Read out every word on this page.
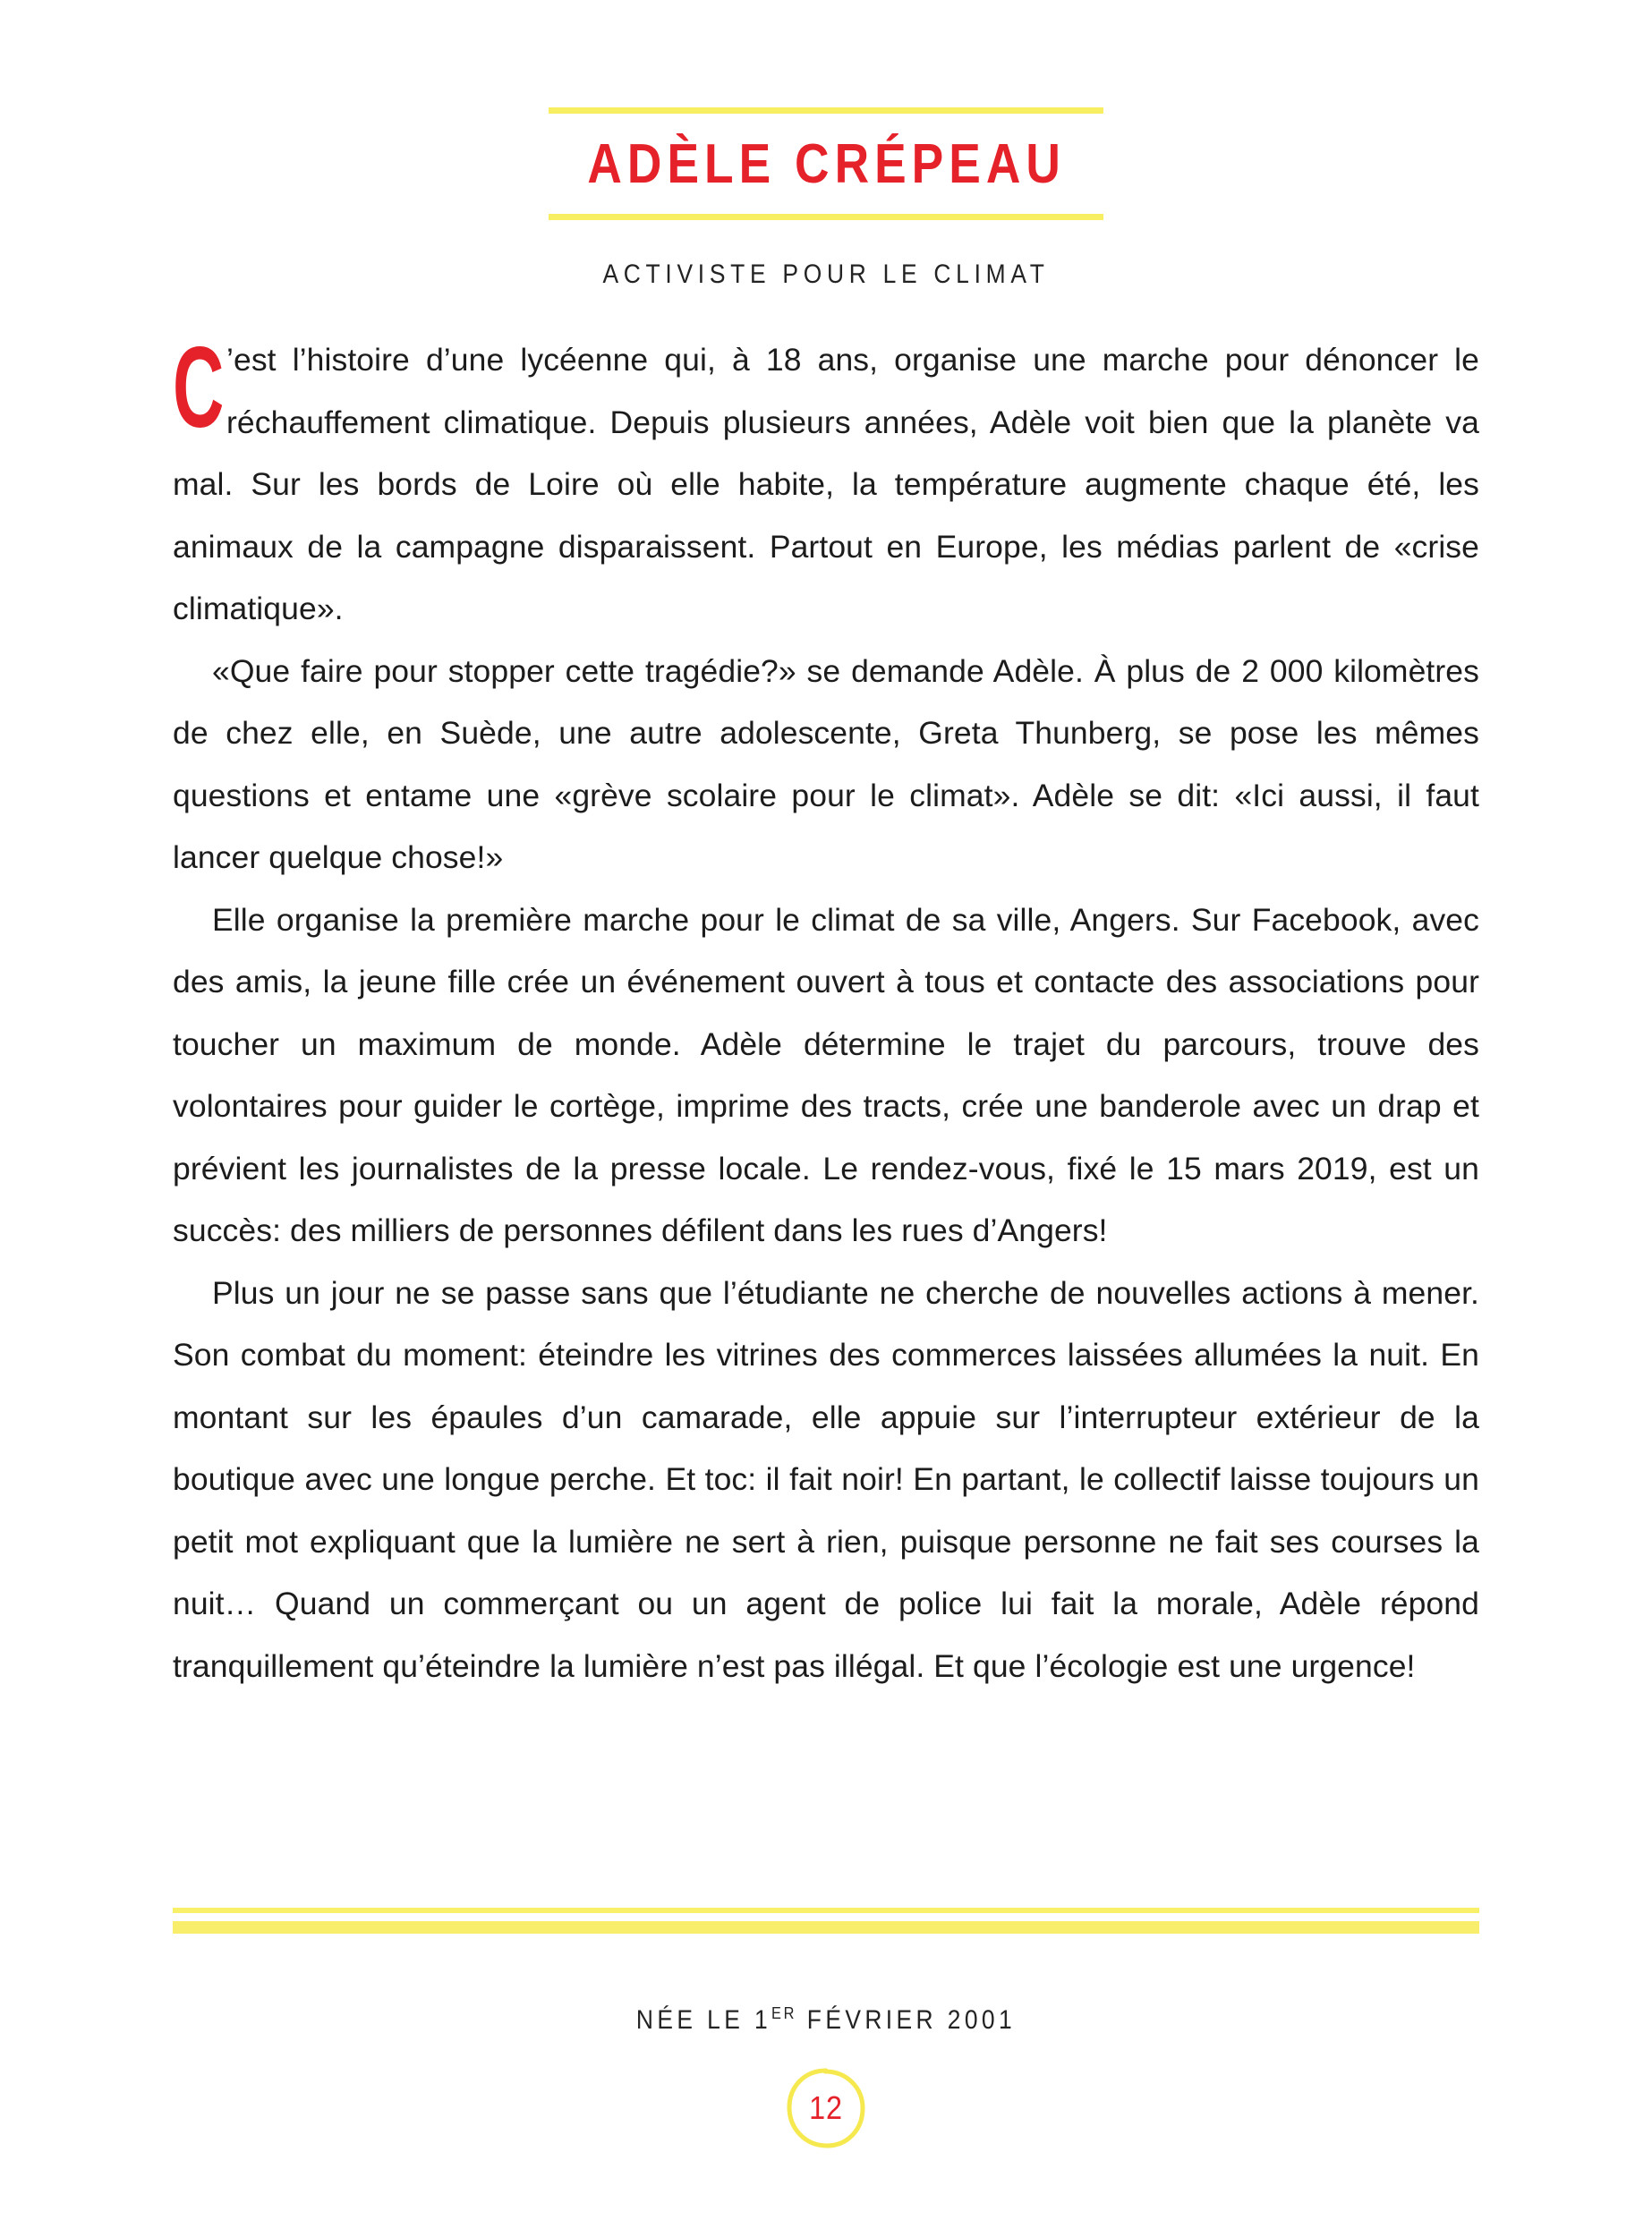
ADÈLE CRÉPEAU
ACTIVISTE POUR LE CLIMAT

C ’est l’histoire d’une lycéenne qui, à 18 ans, organise une marche pour dénoncer le réchauffement climatique. Depuis plusieurs années, Adèle voit bien que la planète va mal. Sur les bords de Loire où elle habite, la température augmente chaque été, les animaux de la campagne disparaissent. Partout en Europe, les médias parlent de «crise climatique».

«Que faire pour stopper cette tragédie?» se demande Adèle. À plus de 2 000 kilomètres de chez elle, en Suède, une autre adolescente, Greta Thunberg, se pose les mêmes questions et entame une «grève scolaire pour le climat». Adèle se dit: «Ici aussi, il faut lancer quelque chose!»

Elle organise la première marche pour le climat de sa ville, Angers. Sur Facebook, avec des amis, la jeune fille crée un événement ouvert à tous et contacte des associations pour toucher un maximum de monde. Adèle détermine le trajet du parcours, trouve des volontaires pour guider le cortège, imprime des tracts, crée une banderole avec un drap et prévient les journalistes de la presse locale. Le rendez-vous, fixé le 15 mars 2019, est un succès: des milliers de personnes défilent dans les rues d’Angers!

Plus un jour ne se passe sans que l’étudiante ne cherche de nouvelles actions à mener. Son combat du moment: éteindre les vitrines des commerces laissées allumées la nuit. En montant sur les épaules d’un camarade, elle appuie sur l’interrupteur extérieur de la boutique avec une longue perche. Et toc: il fait noir! En partant, le collectif laisse toujours un petit mot expliquant que la lumière ne sert à rien, puisque personne ne fait ses courses la nuit… Quand un commerçant ou un agent de police lui fait la morale, Adèle répond tranquillement qu’éteindre la lumière n’est pas illégal. Et que l’écologie est une urgence!

NÉE LE 1ER FÉVRIER 2001
12
